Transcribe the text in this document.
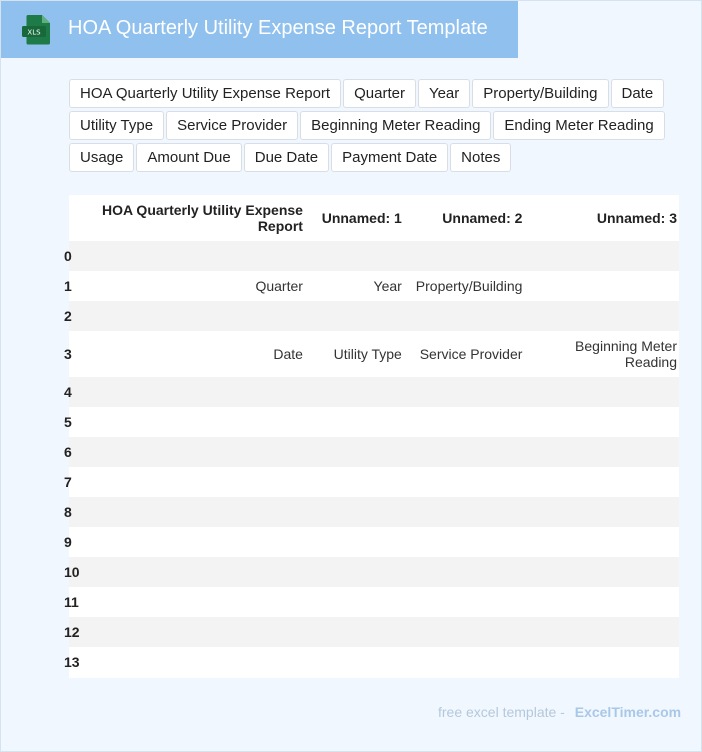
XLS HOA Quarterly Utility Expense Report Template
HOA Quarterly Utility Expense Report	Quarter	Year	Property/Building	Date
Utility Type	Service Provider	Beginning Meter Reading	Ending Meter Reading
Usage	Amount Due	Due Date	Payment Date	Notes
	HOA Quarterly Utility Expense Report	Unnamed: 1	Unnamed: 2	Unnamed: 3
0				
1	Quarter	Year	Property/Building	
2				
3	Date	Utility Type	Service Provider	Beginning Meter Reading
4				
5				
6				
7				
8				
9				
10				
11				
12				
13				
free excel template - ExcelTimer.com
